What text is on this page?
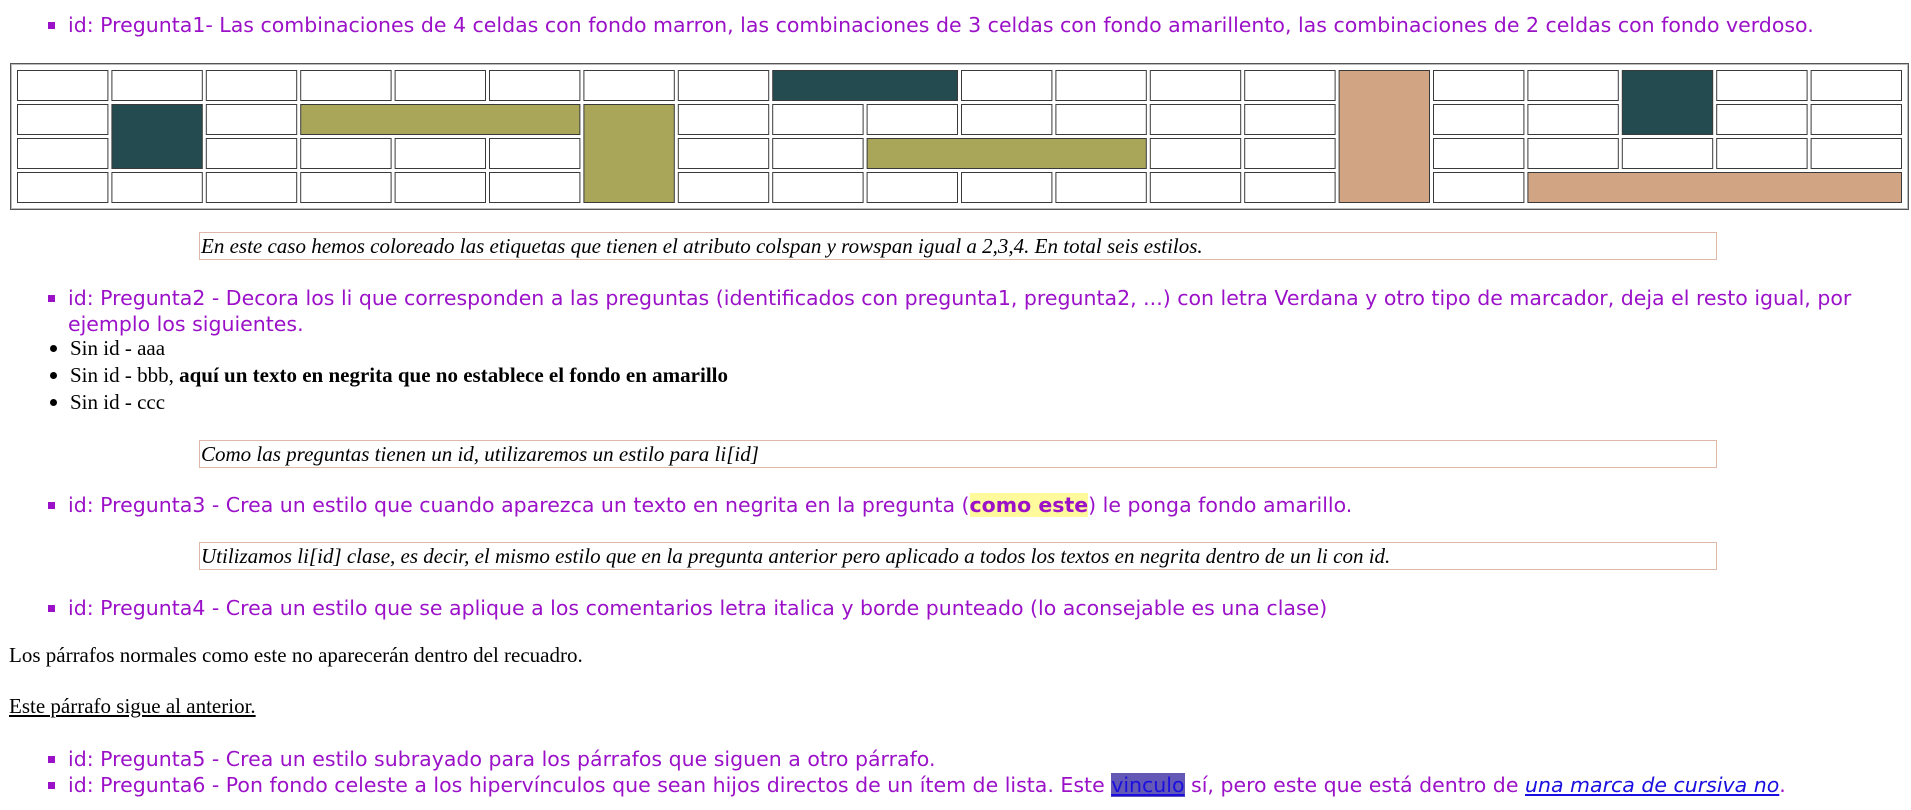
id: Pregunta1- Las combinaciones de 4 celdas con fondo marron, las combinaciones de 3 celdas con fondo amarillento, las combinaciones de 2 celdas con fondo verdoso.
En este caso hemos coloreado las etiquetas que tienen el atributo colspan y rowspan igual a 2,3,4. En total seis estilos.
id: Pregunta2 - Decora los li que corresponden a las preguntas (identificados con pregunta1, pregunta2, ...) con letra Verdana y otro tipo de marcador, deja el resto igual, por ejemplo los siguientes.
Sin id - aaa
Sin id - bbb, aquí un texto en negrita que no establece el fondo en amarillo
Sin id - ccc
Como las preguntas tienen un id, utilizaremos un estilo para li[id]
id: Pregunta3 - Crea un estilo que cuando aparezca un texto en negrita en la pregunta (como este) le ponga fondo amarillo.
Utilizamos li[id] clase, es decir, el mismo estilo que en la pregunta anterior pero aplicado a todos los textos en negrita dentro de un li con id.
id: Pregunta4 - Crea un estilo que se aplique a los comentarios letra italica y borde punteado (lo aconsejable es una clase)

Los párrafos normales como este no aparecerán dentro del recuadro.

Este párrafo sigue al anterior.

id: Pregunta5 - Crea un estilo subrayado para los párrafos que siguen a otro párrafo.
id: Pregunta6 - Pon fondo celeste a los hipervínculos que sean hijos directos de un ítem de lista. Este vinculo sí, pero este que está dentro de una marca de cursiva no.
